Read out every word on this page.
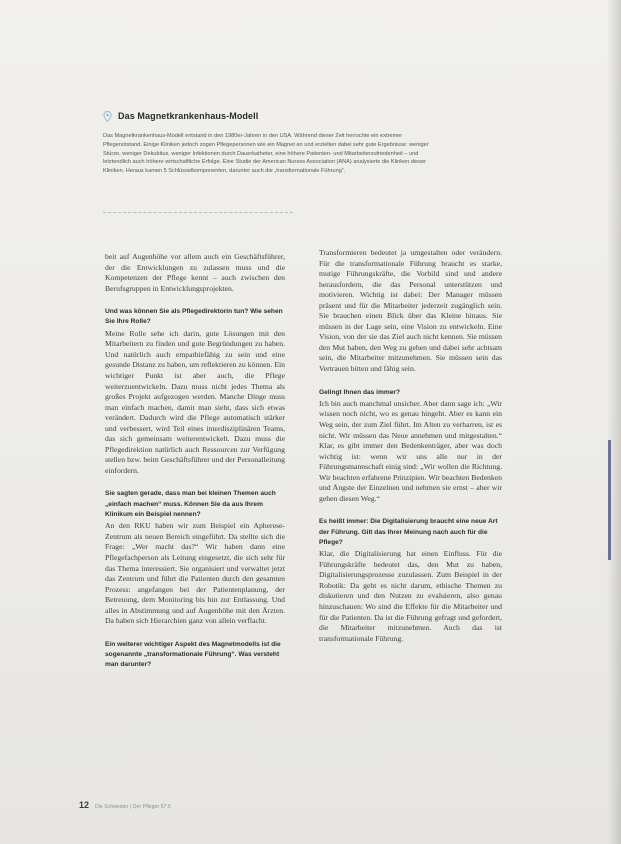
Das Magnetkrankenhaus-Modell
Das Magnetkrankenhaus-Modell entstand in den 1980er-Jahren in den USA. Während dieser Zeit herrschte ein extremer Pflegenotstand. Einige Kliniken jedoch zogen Pflegepersonen wie ein Magnet an und erzielten dabei sehr gute Ergebnisse: weniger Stürze, weniger Dekubitus, weniger Infektionen durch Dauerkatheter, eine höhere Patienten- und Mitarbeiterzufriedenheit – und letztendlich auch höhere wirtschaftliche Erfolge. Eine Studie der American Nurses Association (ANA) analysierte die Klinken dieser Kliniken. Heraus kamen 5 Schlüsselkomponenten, darunter auch die „transformationale Führung“.

beit auf Augenhöhe vor allem auch ein Geschäftsführer, der die Entwicklungen zu zulassen muss und die Kompetenzen der Pflege kennt – auch zwischen den Berufsgruppen in Entwicklungsprojekten.

Und was können Sie als Pflegedirektorin tun? Wie sehen Sie Ihre Rolle?

Meine Rolle sehe ich darin, gute Lösungen mit den Mitarbeitern zu finden und gute Begründungen zu haben. Und natürlich auch empathiefähig zu sein und eine gesunde Distanz zu haben, um reflektieren zu können. Ein wichtiger Punkt ist aber auch, die Pflege weiterzuentwickeln. Dazu muss nicht jedes Thema als großes Projekt aufgezogen werden. Manche Dinge muss man einfach machen, damit man sieht, dass sich etwas verändert. Dadurch wird die Pflege automatisch stärker und verbessert, wird Teil eines interdisziplinären Teams, das sich gemeinsam weiterentwickelt. Dazu muss die Pflegedirektion natürlich auch Ressourcen zur Verfügung stellen bzw. beim Geschäftsführer und der Personalleitung einfordern.

Sie sagten gerade, dass man bei kleinen Themen auch „einfach machen“ muss. Können Sie da aus Ihrem Klinikum ein Beispiel nennen?

An den RKU haben wir zum Beispiel ein Apherese-Zentrum als neuen Bereich eingeführt. Da stellte sich die Frage: „Wer macht das?“ Wir haben dann eine Pflegefachperson als Leitung eingesetzt, die sich sehr für das Thema interessiert. Sie organisiert und verwaltet jetzt das Zentrum und führt die Patienten durch den gesamten Prozess: angefangen bei der Patientenplanung, der Betreuung, dem Monitoring bis hin zur Entlassung. Und alles in Abstimmung und auf Augenhöhe mit den Ärzten. Da haben sich Hierarchien ganz von allein verflacht.

Ein weiterer wichtiger Aspekt des Magnetmodells ist die sogenannte „transformationale Führung“. Was versteht man darunter?

Transformieren bedeutet ja umgestalten oder verändern. Für die transformationale Führung braucht es starke, mutige Führungskräfte, die Vorbild sind und andere herausfordern, die das Personal unterstützen und motivieren. Wichtig ist dabei: Der Manager müssen präsent und für die Mitarbeiter jederzeit zugänglich sein. Sie brauchen einen Blick über das Kleine hinaus. Sie müssen in der Lage sein, eine Vision zu entwickeln. Eine Vision, von der sie das Ziel auch nicht kennen. Sie müssen den Mut haben, den Weg zu gehen und dabei sehr achtsam sein, die Mitarbeiter mitzunehmen. Sie müssen sein das Vertrauen bitten und fähig sein.

Gelingt Ihnen das immer?

Ich bin auch manchmal unsicher. Aber dann sage ich: „Wir wissen noch nicht, wo es genau hingeht. Aber es kann ein Weg sein, der zum Ziel führt. Im Alten zu verharren, ist es nicht. Wir müssen das Neue annehmen und mitgestalten.“ Klar, es gibt immer den Bedenkenträger, aber was doch wichtig ist: wenn wir uns alle nur in der Führungsmannschaft einig sind: „Wir wollen die Richtung. Wir beachten erfahrene Prinzipien. Wir beachten Bedenken und Ängste der Einzelnen und nehmen sie ernst – aber wir gehen diesen Weg.“

Es heißt immer: Die Digitalisierung braucht eine neue Art der Führung. Gilt das Ihrer Meinung nach auch für die Pflege?

Klar, die Digitalisierung hat einen Einfluss. Für die Führungskräfte bedeutet das, den Mut zu haben, Digitalisierungsprozesse zuzulassen. Zum Beispiel in der Robotik: Da geht es nicht darum, ethische Themen zu diskutieren und den Nutzen zu evaluieren, also genau hinzuschauen: Wo sind die Effekte für die Mitarbeiter und für die Patienten. Da ist die Führung gefragt und gefordert, die Mitarbeiter mitzunehmen. Auch das ist transformationale Führung.

12 Die Schwester | Der Pfleger 57.5
